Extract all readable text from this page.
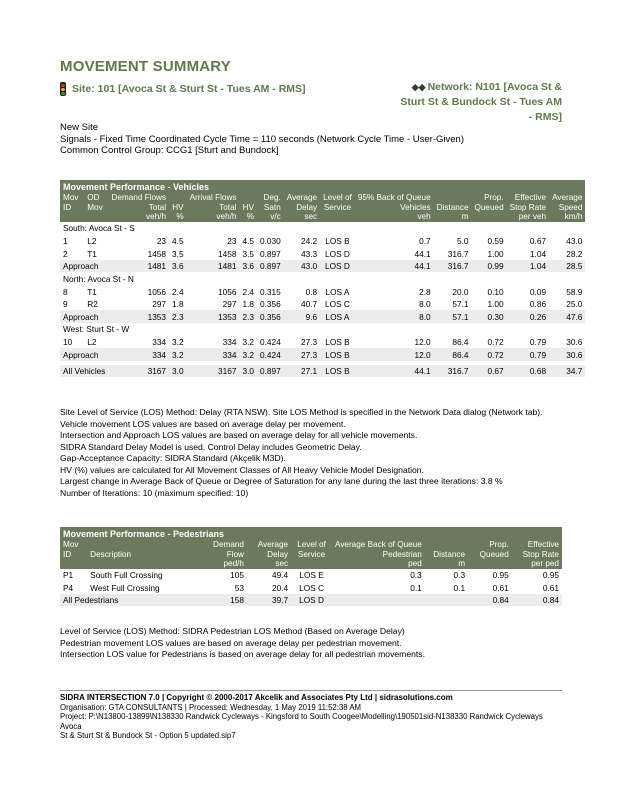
MOVEMENT SUMMARY
Site: 101 [Avoca St & Sturt St - Tues AM - RMS]	◆◆ Network: N101 [Avoca St &
Sturt St & Bundock St - Tues AM
- RMS]
New Site
Signals - Fixed Time Coordinated Cycle Time = 110 seconds (Network Cycle Time - User-Given)
Common Control Group: CCG1 [Sturt and Bundock]
Movement Performance - Vehicles													
Mov	OD	Demand Flows		Arrival Flows		Deg.	Average	Level of	95% Back of Queue		Prop.	Effective	Average
ID	Mov	Total	HV	Total	HV	Satn	Delay	Service	Vehicles	Distance	Queued	Stop Rate	Speed
		veh/h	%	veh/h	%	v/c	sec		veh	m		per veh	km/h
South: Avoca St - S													
1	L2	23	4.5	23	4.5	0.030	24.2	LOS B	0.7	5.0	0.59	0.67	43.0
2	T1	1458	3.5	1458	3.5	0.897	43.3	LOS D	44.1	316.7	1.00	1.04	28.2
Approach		1481	3.6	1481	3.6	0.897	43.0	LOS D	44.1	316.7	0.99	1.04	28.5
North: Avoca St - N													
8	T1	1056	2.4	1056	2.4	0.315	0.8	LOS A	2.8	20.0	0.10	0.09	58.9
9	R2	297	1.8	297	1.8	0.356	40.7	LOS C	8.0	57.1	1.00	0.86	25.0
Approach		1353	2.3	1353	2.3	0.356	9.6	LOS A	8.0	57.1	0.30	0.26	47.6
West: Sturt St - W													
10	L2	334	3.2	334	3.2	0.424	27.3	LOS B	12.0	86.4	0.72	0.79	30.6
Approach		334	3.2	334	3.2	0.424	27.3	LOS B	12.0	86.4	0.72	0.79	30.6

All Vehicles		3167	3.0	3167	3.0	0.897	27.1	LOS B	44.1	316.7	0.67	0.68	34.7
Site Level of Service (LOS) Method: Delay (RTA NSW). Site LOS Method is specified in the Network Data dialog (Network tab).
Vehicle movement LOS values are based on average delay per movement.
Intersection and Approach LOS values are based on average delay for all vehicle movements.
SIDRA Standard Delay Model is used. Control Delay includes Geometric Delay.
Gap-Acceptance Capacity: SIDRA Standard (Akçelik M3D).
HV (%) values are calculated for All Movement Classes of All Heavy Vehicle Model Designation.
Largest change in Average Back of Queue or Degree of Saturation for any lane during the last three iterations: 3.8 %
Number of Iterations: 10 (maximum specified: 10)
Movement Performance - Pedestrians								
Mov		Demand	Average	Level of	Average Back of Queue		Prop.	Effective
ID	Description	Flow	Delay	Service	Pedestrian	Distance	Queued	Stop Rate
		ped/h	sec		ped	m		per ped
P1	South Full Crossing	105	49.4	LOS E	0.3	0.3	0.95	0.95
P4	West Full Crossing	53	20.4	LOS C	0.1	0.1	0.61	0.61
All Pedestrians		158	39.7	LOS D			0.84	0.84
Level of Service (LOS) Method: SIDRA Pedestrian LOS Method (Based on Average Delay)
Pedestrian movement LOS values are based on average delay per pedestrian movement.
Intersection LOS value for Pedestrians is based on average delay for all pedestrian movements.
SIDRA INTERSECTION 7.0 | Copyright © 2000-2017 Akcelik and Associates Pty Ltd | sidrasolutions.com
Organisation: GTA CONSULTANTS | Processed: Wednesday, 1 May 2019 11:52:38 AM
Project: P:\N13800-13899\N138330 Randwick Cycleways - Kingsford to South Coogee\Modelling\190501sid-N138330 Randwick Cycleways Avoca
St & Sturt St & Bundock St - Option 5 updated.sip7
